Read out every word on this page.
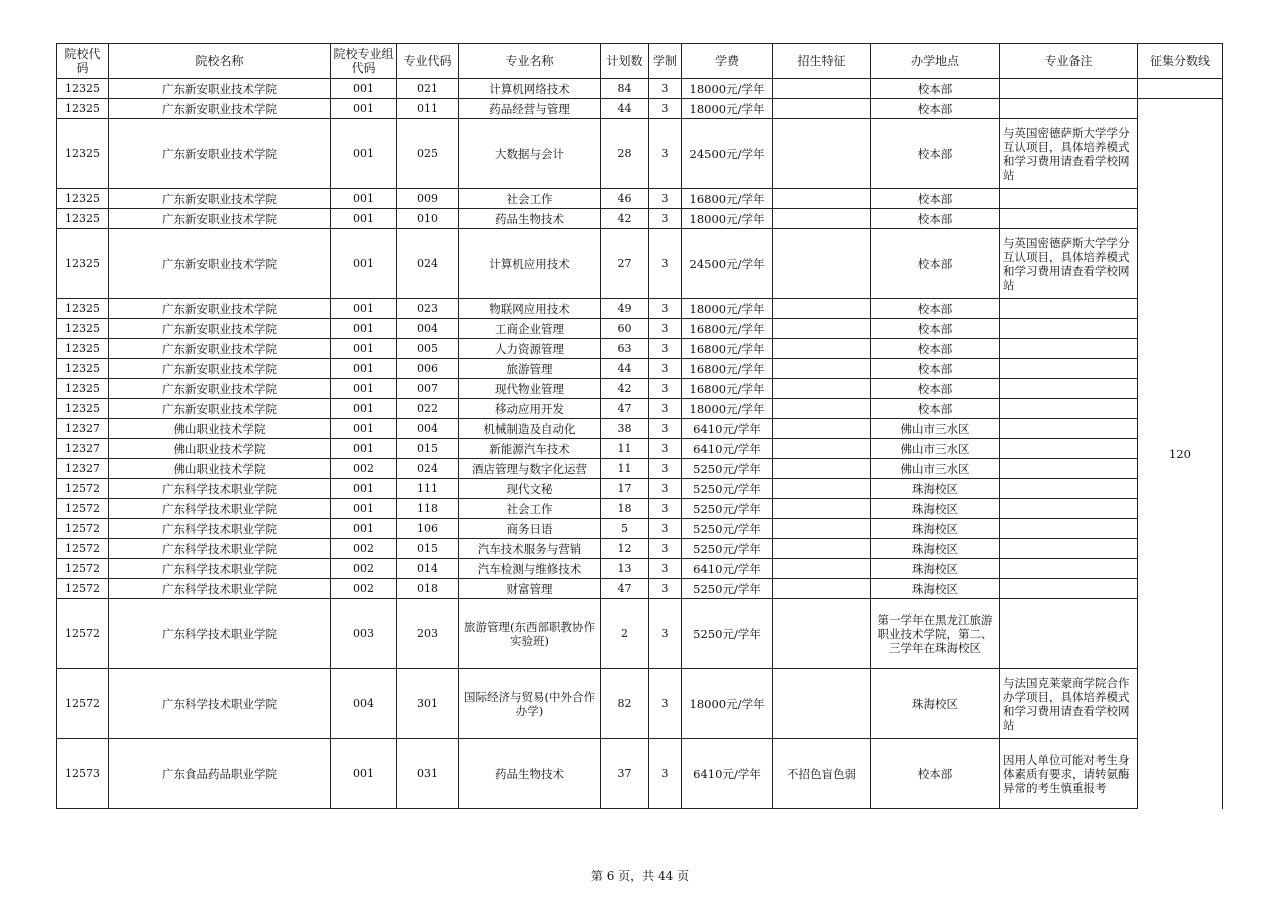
院校代码	院校名称	院校专业组代码	专业代码	专业名称	计划数	学制	学费	招生特征	办学地点	专业备注	征集分数线
12325	广东新安职业技术学院	001	021	计算机网络技术	84	3	18000元/学年		校本部		
12325	广东新安职业技术学院	001	011	药品经营与管理	44	3	18000元/学年		校本部		120
12325	广东新安职业技术学院	001	025	大数据与会计	28	3	24500元/学年		校本部	与英国密德萨斯大学学分互认项目，具体培养模式和学习费用请查看学校网站	
12325	广东新安职业技术学院	001	009	社会工作	46	3	16800元/学年		校本部		
12325	广东新安职业技术学院	001	010	药品生物技术	42	3	18000元/学年		校本部		
12325	广东新安职业技术学院	001	024	计算机应用技术	27	3	24500元/学年		校本部	与英国密德萨斯大学学分互认项目，具体培养模式和学习费用请查看学校网站	
12325	广东新安职业技术学院	001	023	物联网应用技术	49	3	18000元/学年		校本部		
12325	广东新安职业技术学院	001	004	工商企业管理	60	3	16800元/学年		校本部		
12325	广东新安职业技术学院	001	005	人力资源管理	63	3	16800元/学年		校本部		
12325	广东新安职业技术学院	001	006	旅游管理	44	3	16800元/学年		校本部		
12325	广东新安职业技术学院	001	007	现代物业管理	42	3	16800元/学年		校本部		
12325	广东新安职业技术学院	001	022	移动应用开发	47	3	18000元/学年		校本部		
12327	佛山职业技术学院	001	004	机械制造及自动化	38	3	6410元/学年		佛山市三水区		
12327	佛山职业技术学院	001	015	新能源汽车技术	11	3	6410元/学年		佛山市三水区		
12327	佛山职业技术学院	002	024	酒店管理与数字化运营	11	3	5250元/学年		佛山市三水区		
12572	广东科学技术职业学院	001	111	现代文秘	17	3	5250元/学年		珠海校区		
12572	广东科学技术职业学院	001	118	社会工作	18	3	5250元/学年		珠海校区		
12572	广东科学技术职业学院	001	106	商务日语	5	3	5250元/学年		珠海校区		
12572	广东科学技术职业学院	002	015	汽车技术服务与营销	12	3	5250元/学年		珠海校区		
12572	广东科学技术职业学院	002	014	汽车检测与维修技术	13	3	6410元/学年		珠海校区		
12572	广东科学技术职业学院	002	018	财富管理	47	3	5250元/学年		珠海校区		
12572	广东科学技术职业学院	003	203	旅游管理(东西部职教协作实验班)	2	3	5250元/学年		第一学年在黑龙江旅游职业技术学院，第二、三学年在珠海校区		
12572	广东科学技术职业学院	004	301	国际经济与贸易(中外合作办学)	82	3	18000元/学年		珠海校区	与法国克莱蒙商学院合作办学项目，具体培养模式和学习费用请查看学校网站	
12573	广东食品药品职业学院	001	031	药品生物技术	37	3	6410元/学年	不招色盲色弱	校本部	因用人单位可能对考生身体素质有要求，请转氨酶异常的考生慎重报考	
第 6 页，共 44 页
